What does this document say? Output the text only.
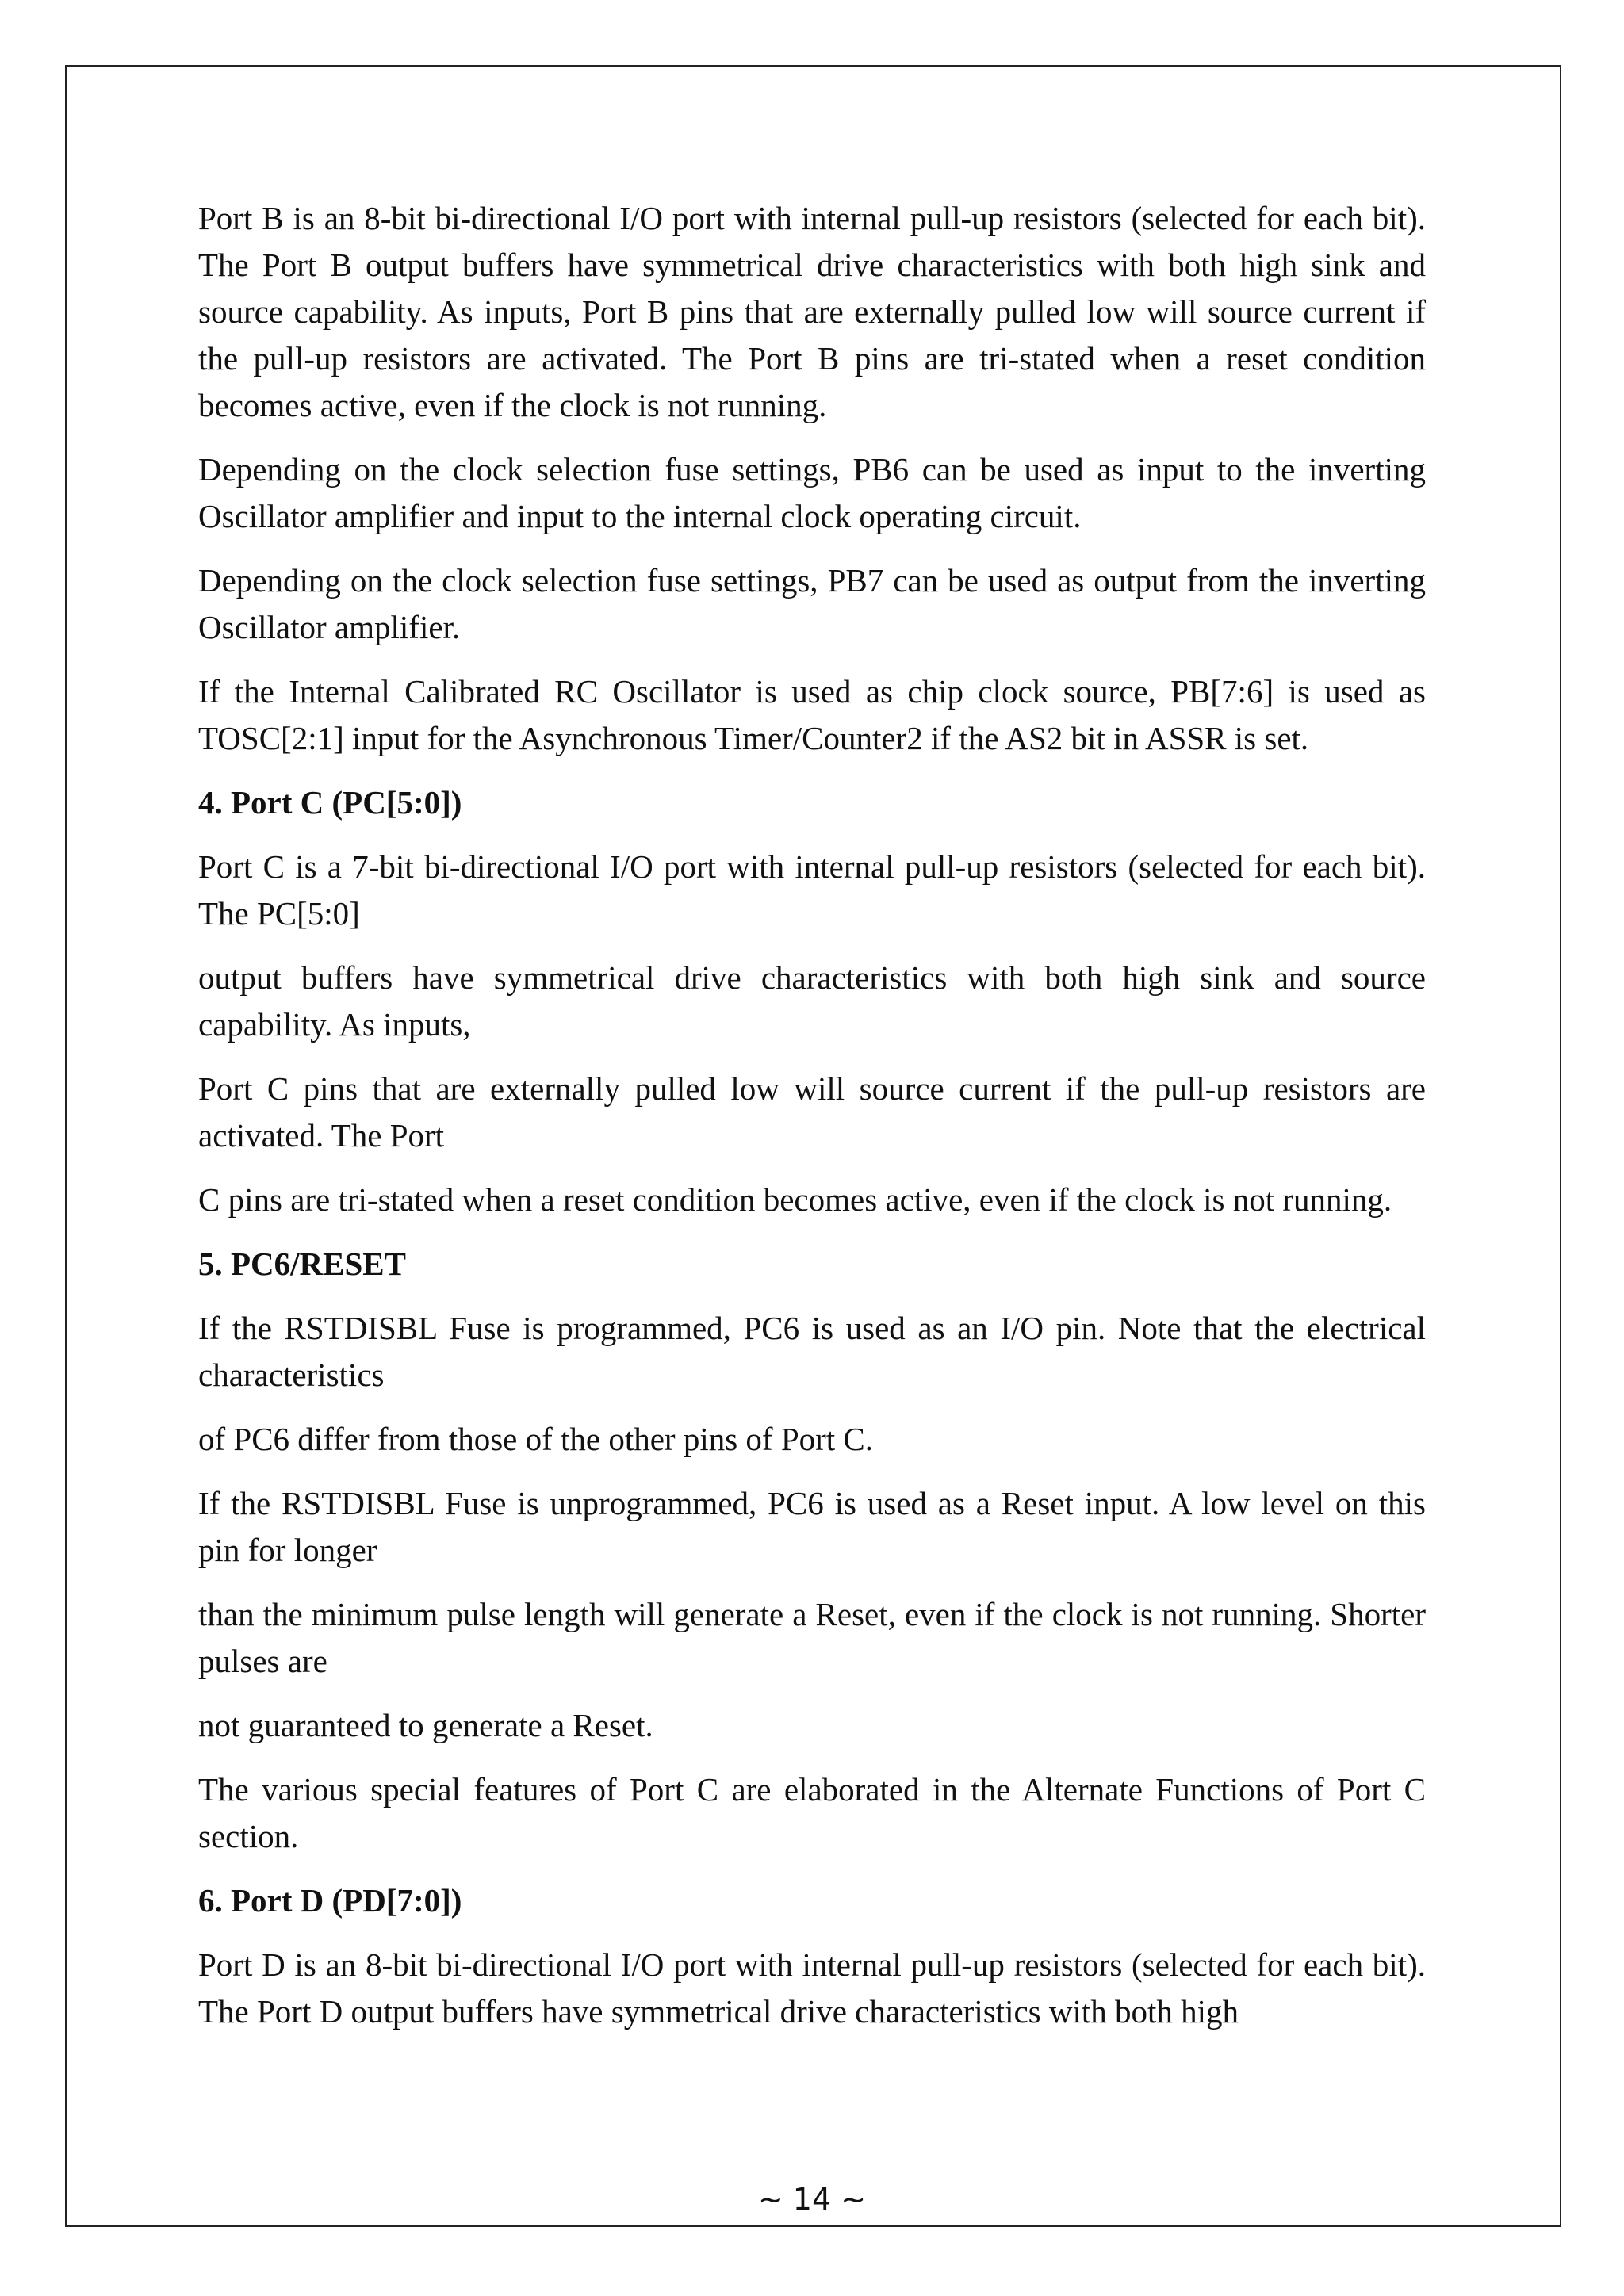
Port B is an 8-bit bi-directional I/O port with internal pull-up resistors (selected for each bit). The Port B output buffers have symmetrical drive characteristics with both high sink and source capability. As inputs, Port B pins that are externally pulled low will source current if the pull-up resistors are activated. The Port B pins are tri-stated when a reset condition becomes active, even if the clock is not running.

Depending on the clock selection fuse settings, PB6 can be used as input to the inverting Oscillator amplifier and input to the internal clock operating circuit.

Depending on the clock selection fuse settings, PB7 can be used as output from the inverting Oscillator amplifier.

If the Internal Calibrated RC Oscillator is used as chip clock source, PB[7:6] is used as TOSC[2:1] input for the Asynchronous Timer/Counter2 if the AS2 bit in ASSR is set.

4. Port C (PC[5:0])

Port C is a 7-bit bi-directional I/O port with internal pull-up resistors (selected for each bit). The PC[5:0]

output buffers have symmetrical drive characteristics with both high sink and source capability. As inputs,

Port C pins that are externally pulled low will source current if the pull-up resistors are activated. The Port

C pins are tri-stated when a reset condition becomes active, even if the clock is not running.

5. PC6/RESET

If the RSTDISBL Fuse is programmed, PC6 is used as an I/O pin. Note that the electrical characteristics

of PC6 differ from those of the other pins of Port C.

If the RSTDISBL Fuse is unprogrammed, PC6 is used as a Reset input. A low level on this pin for longer

than the minimum pulse length will generate a Reset, even if the clock is not running. Shorter pulses are

not guaranteed to generate a Reset.

The various special features of Port C are elaborated in the Alternate Functions of Port C section.

6. Port D (PD[7:0])

Port D is an 8-bit bi-directional I/O port with internal pull-up resistors (selected for each bit). The Port D output buffers have symmetrical drive characteristics with both high

~ 14 ~
